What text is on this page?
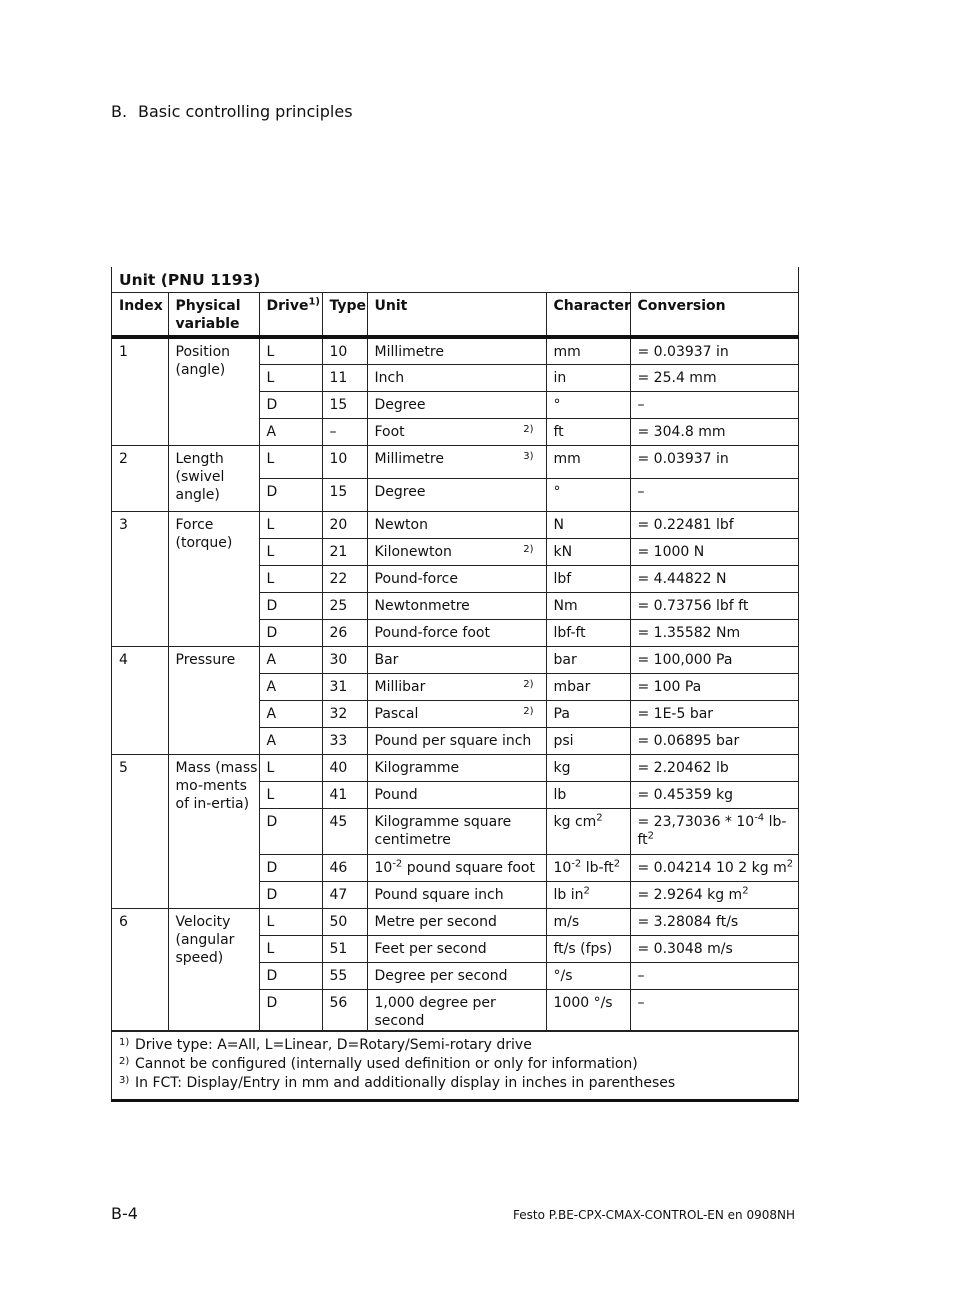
B. Basic controlling principles
Unit (PNU 1193)
Index	Physical variable	Drive$^{1)}$	Type	Unit	Character	Conversion
1	Position (angle)	L	10	Millimetre	mm	= 0.03937 in
		L	11	Inch	in	= 25.4 mm
		D	15	Degree	°	–
		A	–	Foot 2)	ft	= 304.8 mm
2	Length (swivel angle)	L	10	Millimetre 3)	mm	= 0.03937 in
		D	15	Degree	°	–
3	Force (torque)	L	20	Newton	N	= 0.22481 lbf
		L	21	Kilonewton 2)	kN	= 1000 N
		L	22	Pound-force	lbf	= 4.44822 N
		D	25	Newtonmetre	Nm	= 0.73756 lbf ft
		D	26	Pound-force foot	lbf-ft	= 1.35582 Nm
4	Pressure	A	30	Bar	bar	= 100,000 Pa
		A	31	Millibar 2)	mbar	= 100 Pa
		A	32	Pascal 2)	Pa	= 1E-5 bar
		A	33	Pound per square inch	psi	= 0.06895 bar
5	Mass (mass mo-ments of in-ertia)	L	40	Kilogramme	kg	= 2.20462 lb
		L	41	Pound	lb	= 0.45359 kg
		D	45	Kilogramme square centimetre	kg $cm^2$	= $23,73036 * 10^{-4}$ $lb-ft^2$
		D	46	$10^{-2}$ pound square foot	$10^{-2}$ $lb-ft^2$	= 0.04214 10 2 kg $m^2$
		D	47	Pound square inch	lb $in^2$	= 2.9264 kg $m^2$
6	Velocity (angular speed)	L	50	Metre per second	m/s	= 3.28084 ft/s
		L	51	Feet per second	ft/s (fps)	= 0.3048 m/s
		D	55	Degree per second	°/s	–
		D	56	1,000 degree per second	1000 °/s	–
1) Drive type: A=All, L=Linear, D=Rotary/Semi-rotary drive
2) Cannot be configured (internally used definition or only for information)
3) In FCT: Display/Entry in mm and additionally display in inches in parentheses
B-4	Festo P.BE-CPX-CMAX-CONTROL-EN en 0908NH
